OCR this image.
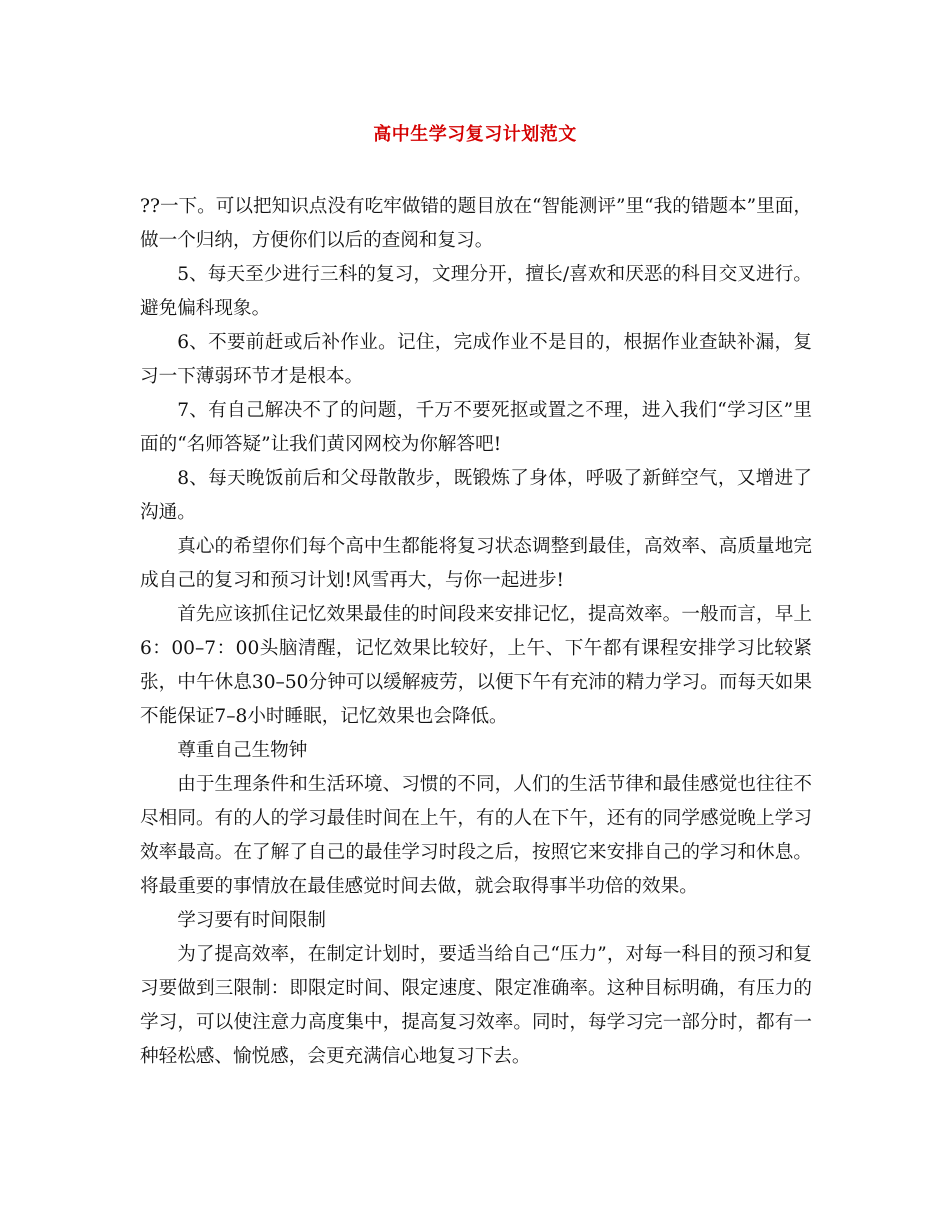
高中生学习复习计划范文

??一下。可以把知识点没有吃牢做错的题目放在“智能测评”里“我的错题本”里面，做一个归纳，方便你们以后的查阅和复习。

5、每天至少进行三科的复习，文理分开，擅长/喜欢和厌恶的科目交叉进行。避免偏科现象。

6、不要前赶或后补作业。记住，完成作业不是目的，根据作业查缺补漏，复习一下薄弱环节才是根本。

7、有自己解决不了的问题，千万不要死抠或置之不理，进入我们“学习区”里面的“名师答疑”让我们黄冈网校为你解答吧!

8、每天晚饭前后和父母散散步，既锻炼了身体，呼吸了新鲜空气，又增进了沟通。

真心的希望你们每个高中生都能将复习状态调整到最佳，高效率、高质量地完成自己的复习和预习计划!风雪再大，与你一起进步!

首先应该抓住记忆效果最佳的时间段来安排记忆，提高效率。一般而言，早上6：00–7：00头脑清醒，记忆效果比较好，上午、下午都有课程安排学习比较紧张，中午休息30–50分钟可以缓解疲劳，以便下午有充沛的精力学习。而每天如果不能保证7–8小时睡眠，记忆效果也会降低。

尊重自己生物钟

由于生理条件和生活环境、习惯的不同，人们的生活节律和最佳感觉也往往不尽相同。有的人的学习最佳时间在上午，有的人在下午，还有的同学感觉晚上学习效率最高。在了解了自己的最佳学习时段之后，按照它来安排自己的学习和休息。将最重要的事情放在最佳感觉时间去做，就会取得事半功倍的效果。

学习要有时间限制

为了提高效率，在制定计划时，要适当给自己“压力”，对每一科目的预习和复习要做到三限制：即限定时间、限定速度、限定准确率。这种目标明确，有压力的学习，可以使注意力高度集中，提高复习效率。同时，每学习完一部分时，都有一种轻松感、愉悦感，会更充满信心地复习下去。
